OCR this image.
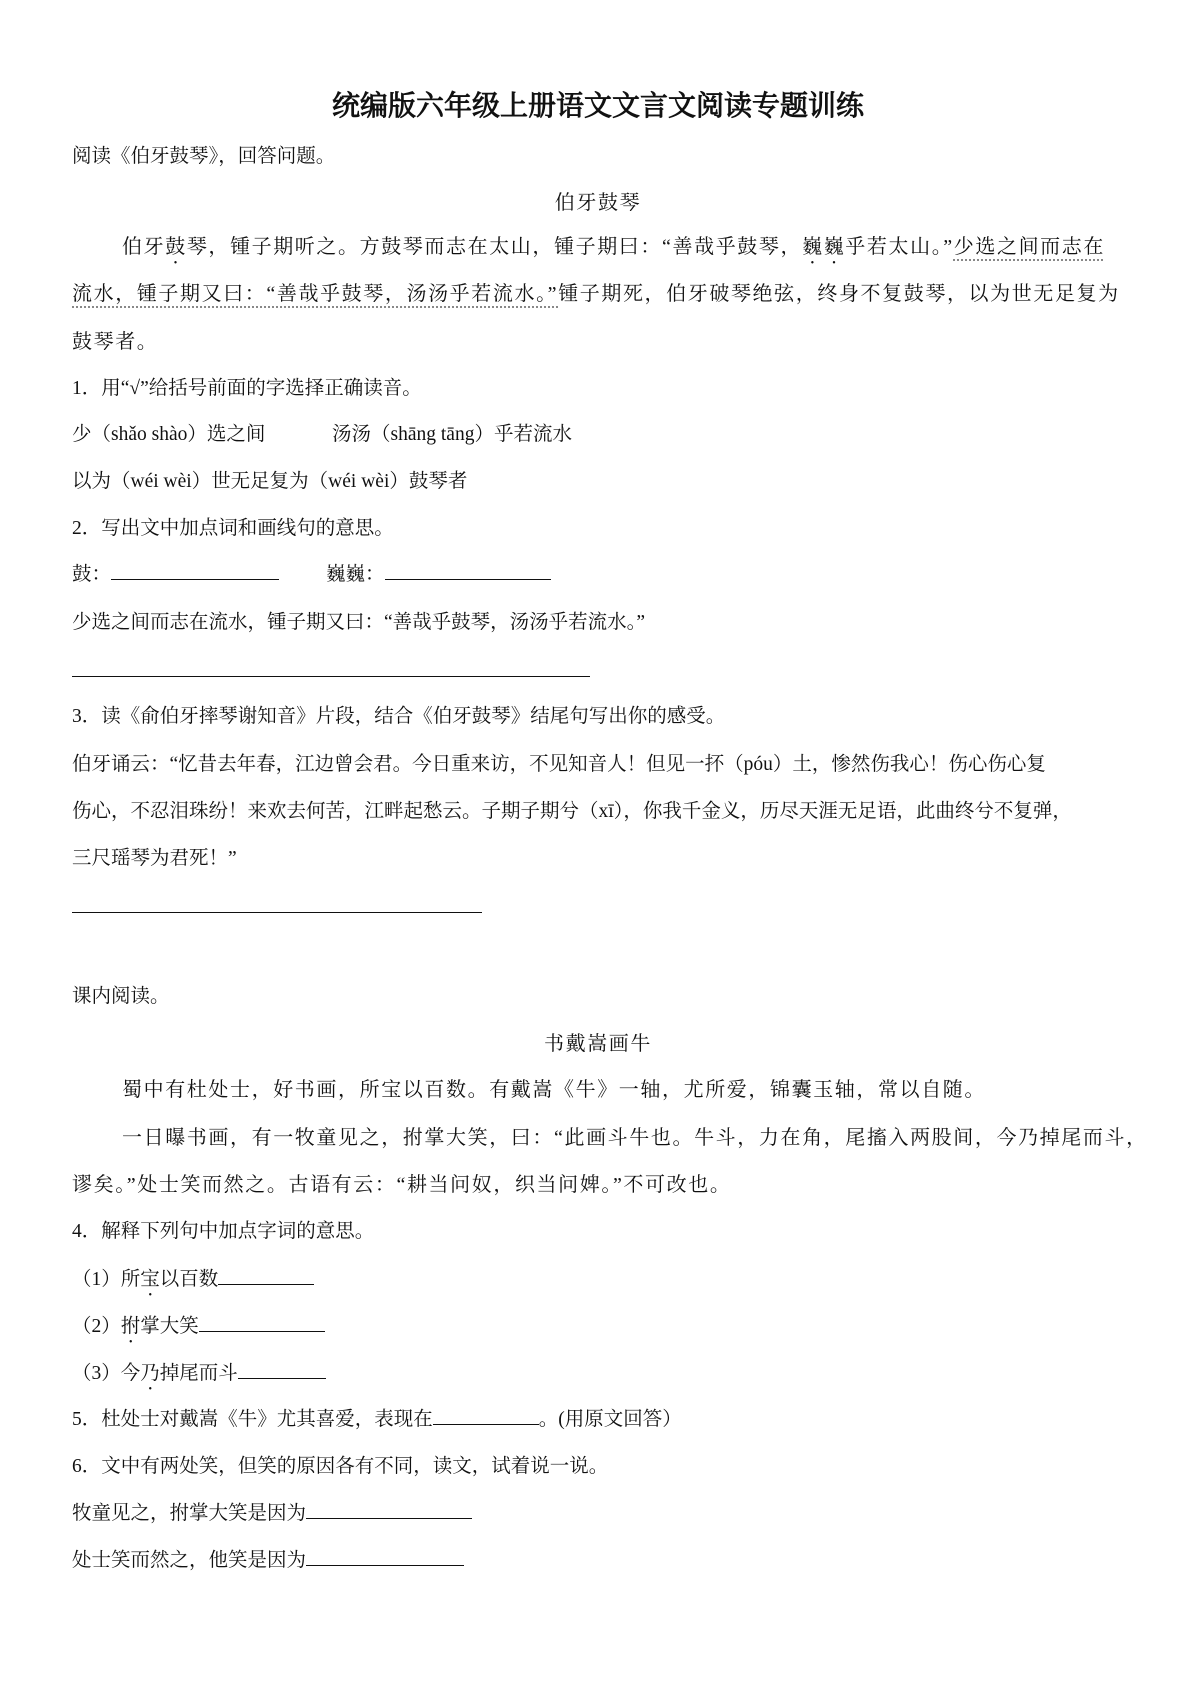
统编版六年级上册语文文言文阅读专题训练
阅读《伯牙鼓琴》，回答问题。
伯牙鼓琴
伯牙鼓琴，锺子期听之。方鼓琴而志在太山，锺子期曰：“善哉乎鼓琴，巍巍乎若太山。”少选之间而志在
流水，锺子期又曰：“善哉乎鼓琴，汤汤乎若流水。”锺子期死，伯牙破琴绝弦，终身不复鼓琴，以为世无足复为
鼓琴者。
1．用“√”给括号前面的字选择正确读音。
少（shǎo shào）选之间	汤汤（shāng tāng）乎若流水
以为（wéi wèi）世无足复为（wéi wèi）鼓琴者
2．写出文中加点词和画线句的意思。
鼓：	巍巍：
少选之间而志在流水，锺子期又曰：“善哉乎鼓琴，汤汤乎若流水。”
3．读《俞伯牙摔琴谢知音》片段，结合《伯牙鼓琴》结尾句写出你的感受。
伯牙诵云：“忆昔去年春，江边曾会君。今日重来访，不见知音人！但见一抔（póu）土，惨然伤我心！伤心伤心复
伤心，不忍泪珠纷！来欢去何苦，江畔起愁云。子期子期兮（xī），你我千金义，历尽天涯无足语，此曲终兮不复弹，
三尺瑶琴为君死！”
课内阅读。
书戴嵩画牛
蜀中有杜处士，好书画，所宝以百数。有戴嵩《牛》一轴，尤所爱，锦囊玉轴，常以自随。
一日曝书画，有一牧童见之，拊掌大笑，曰：“此画斗牛也。牛斗，力在角，尾搐入两股间，今乃掉尾而斗，
谬矣。”处士笑而然之。古语有云：“耕当问奴，织当问婢。”不可改也。
4．解释下列句中加点字词的意思。
（1）所宝以百数
（2）拊掌大笑
（3）今乃掉尾而斗
5．杜处士对戴嵩《牛》尤其喜爱，表现在	。(用原文回答）
6．文中有两处笑，但笑的原因各有不同，读文，试着说一说。
牧童见之，拊掌大笑是因为
处士笑而然之，他笑是因为
